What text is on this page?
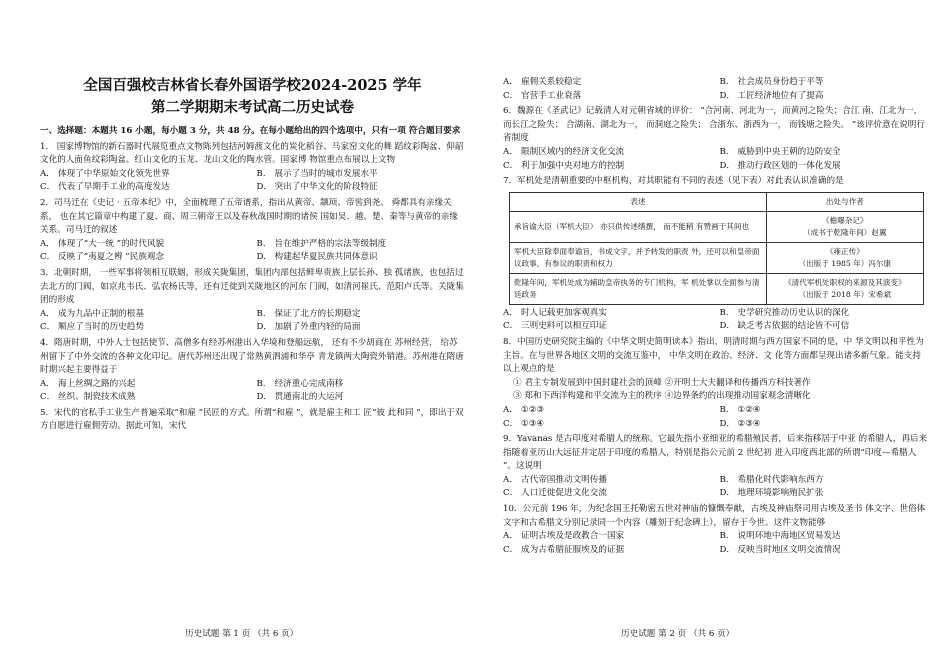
全国百强校吉林省长春外国语学校2024-2025 学年
第二学期期末考试高二历史试卷
一、选择题：本题共 16 小题，每小题 3 分，共 48 分。在每小题给出的四个选项中，只有一项 符合题目要求
1． 国家博物馆的新石器时代展览重点文物陈列包括河姆渡文化的炭化稻谷、马家窑文化的舞 蹈纹彩陶盆、仰韶文化的人面鱼纹彩陶盆、红山文化的玉龙、龙山文化的陶水管。国家博 物馆重点布展以上文物
A． 体现了中华原始文化领先世界	B． 展示了当时的城市发展水平
C． 代表了早期手工业的高度发达	D． 突出了中华文化的阶段特征
2．司马迁在《史记 · 五帝本纪》中，全面梳理了五帝谱系，指出从黄帝、颛顼、帝喾到尧、 舜都具有亲缘关系， 也在其它篇章中构建了夏、商、周三朝帝王以及春秋战国时期的诸侯 国如吴、越、楚、秦等与黄帝的亲缘关系。司马迁的叙述
A． 体现了“大一统 ”的时代风貌	B． 旨在维护严格的宗法等级制度
C． 反映了“夷夏之辨 ”民族观念	D． 构建起华夏民族共同体意识
3．北朝时期， 一些军事将领相互联姻，形成关陇集团，集团内部包括鲜卑贵族上层长孙、独 孤诸族，也包括过去北方的门阀，如京兆韦氏、弘农杨氏等，还有迁徙到关陇地区的河东 门阀，如清河崔氏、范阳卢氏等。关陇集团的形成
A． 成为九品中正制的根基	B． 保证了北方的长期稳定
C． 顺应了当时的历史趋势	D． 加剧了外重内轻的局面
4．隋唐时期，中外人士包括使节、高僧多有经苏州港出入华境和登船远航， 还有不少胡商在 苏州经营， 给苏州留下了中外交流的各种文化印记。唐代苏州还出现了常熟黄泗浦和华亭 青龙镇两大陶瓷外销港。苏州港在隋唐时期兴起主要得益于
A． 海上丝绸之路的兴起	B． 经济重心完成南移
C． 丝织、制瓷技术成熟	D． 贯通南北的大运河
5．宋代的官私手工业生产普遍采取“和雇 ”民匠的方式。所谓“和雇 ”，就是雇主和工 匠“彼 此和同 ”，即出于双方自愿进行雇佣劳动。据此可知，宋代
A． 雇佣关系较稳定	B． 社会成员身份趋于平等
C． 官营手工业衰落	D． 工匠经济地位有了提高
6．魏源在《圣武记》记载清人对元朝省域的评价： “合河南、河北为一，而黄河之险失；合江 南、江北为一， 而长江之险失； 合湖南、湖北为一， 而洞庭之险失； 合浙东、浙西为一， 而钱塘之险失。 ”该评价意在说明行省制度
A． 限制区域内的经济文化交流	B． 威胁到中央王朝的边防安全
C． 利于加强中央对地方的控制	D． 推动行政区划的一体化发展
7．军机处是清朝重要的中枢机构，对其职能有不同的表述（见下表）对此表认识准确的是
表述	出处与作者
承旨谕大臣（军机大臣） 亦只供传述缮撰， 而不能稍 有赞画于其间也	《檐曝杂记》
（成书于乾隆年间）赵翼

军机大臣除奉面奉谕旨，书成文字，并予转发的职责 外，还可以和皇帝面议政事，有参议的职责和权力	《雍正传》
（出版于 1985 年）冯尔康

乾隆年间，军机处成为辅助皇帝执务的专门机构，军 机处掌以全面参与清廷政务	《清代军机处职权的来源及其演变》
（出版于 2018 年）宋希斌
A． 时人记载更加客观真实	B． 史学研究推动历史认识的深化
C． 三则史料可以相互印证	D． 缺乏考古依据的结论皆不可信
8．中国历史研究院主编的《中华文明史简明读本》指出，明清时期与西方国家不同的是，中 华文明以和平性为主旨。在与世界各地区文明的交流互鉴中， 中华文明在政治、经济、文 化等方面都呈现出诸多新气象。能支持以上观点的是
① 君主专制发展到中国封建社会的顶峰 ②开明士大夫翻译和传播西方科技著作
③ 郑和下西洋构建和平交流为主的秩序 ④边界条约的出现推动国家观念清晰化
A． ①②③	B． ①②④
C． ①③④	D． ②③④
9．Yavanas 是古印度对希腊人的统称。它最先指小亚细亚的希腊殖民者，后来指移居于中亚 的希腊人，再后来指随着亚历山大远征并定居于印度的希腊人，特别是指公元前 2 世纪初 进入印度西北部的所谓“印度—希腊人 ”。这说明
A． 古代帝国推动文明传播	B． 希腊化时代影响东西方
C． 人口迁徙促进文化交流	D． 地理环境影响殖民扩张
10．公元前 196 年，为纪念国王托勒密五世对神庙的慷慨奉献，古埃及神庙祭司用古埃及圣书 体文字、世俗体文字和古希腊文分别记录同一个内容（雕刻于纪念碑上），留存于今世。这件文物能够
A． 证明古埃及是政教合一国家	B． 说明环地中海地区贸易发达
C． 成为古希腊征服埃及的证据	D． 反映当时地区文明交流情况
历史试题 第 1 页 （共 6 页）	历史试题 第 2 页 （共 6 页）
